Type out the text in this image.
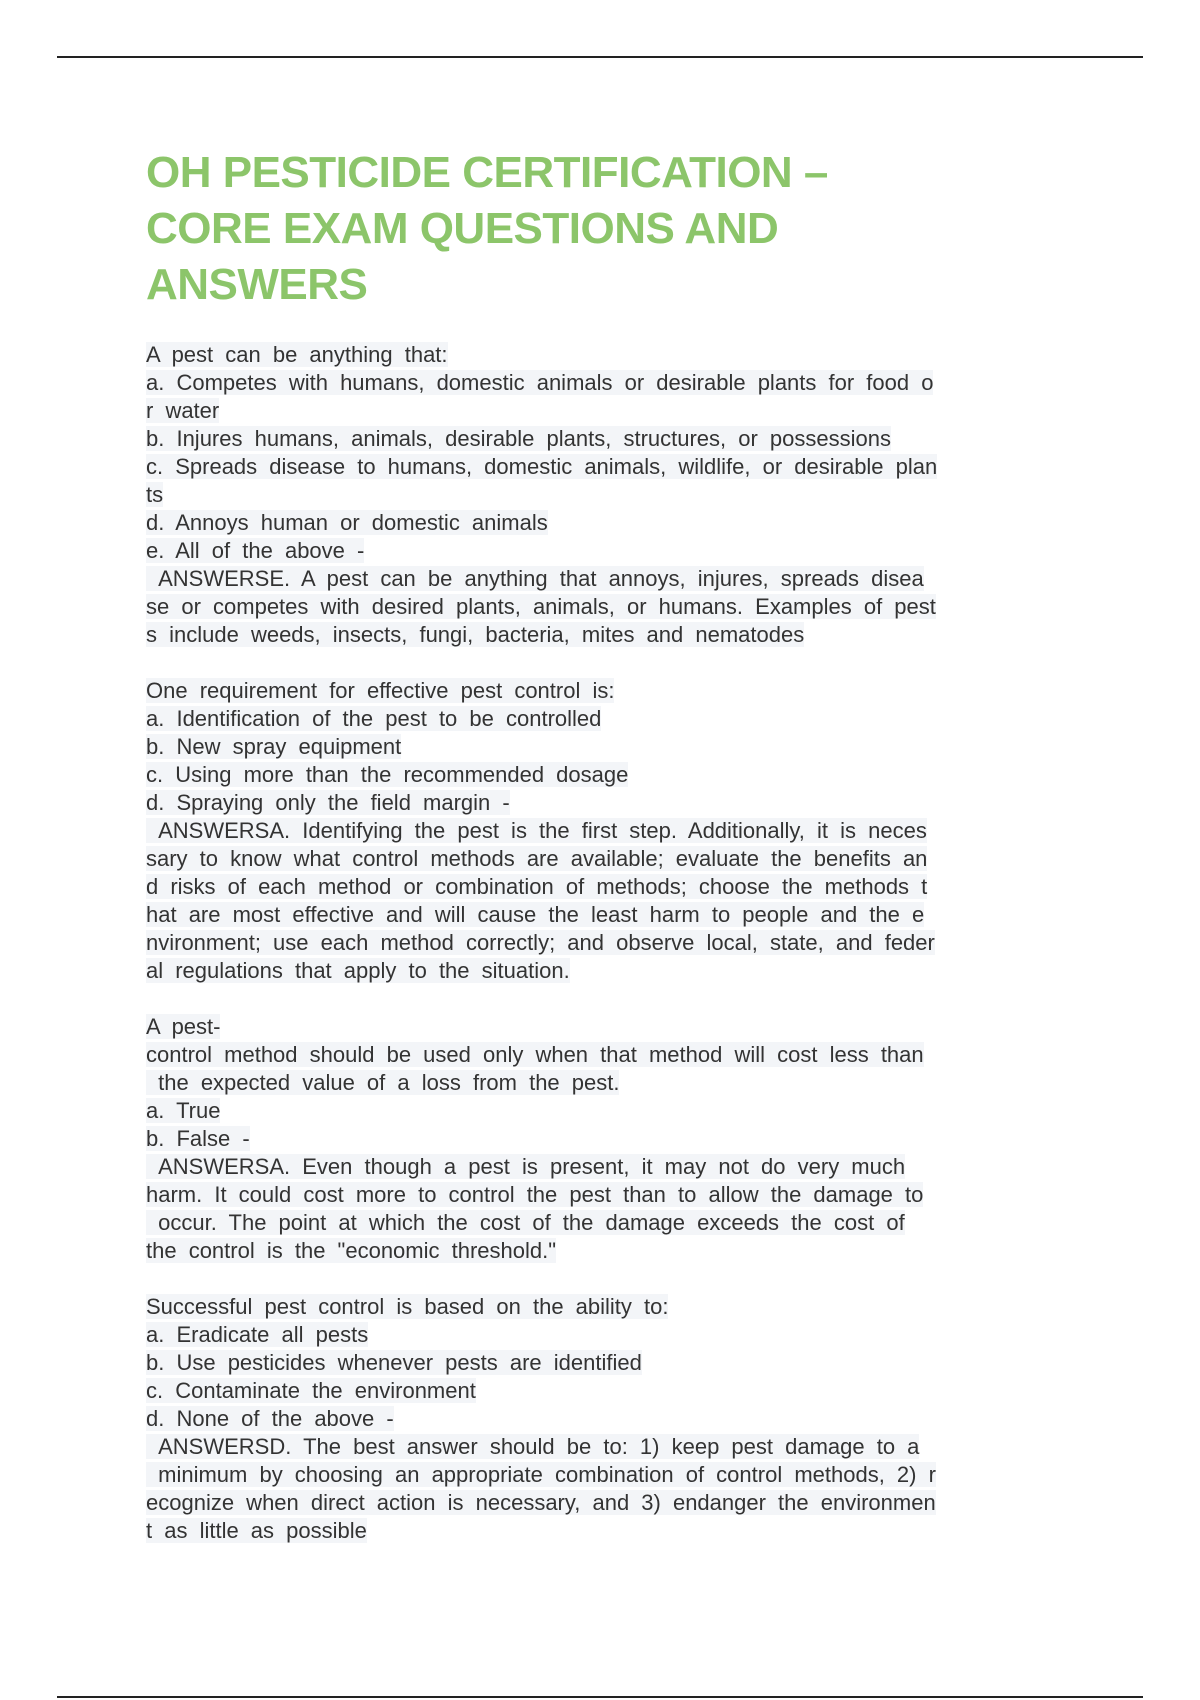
OH PESTICIDE CERTIFICATION –
CORE EXAM QUESTIONS AND
ANSWERS
A pest can be anything that:
a. Competes with humans, domestic animals or desirable plants for food o
r water
b. Injures humans, animals, desirable plants, structures, or possessions
c. Spreads disease to humans, domestic animals, wildlife, or desirable plan
ts
d. Annoys human or domestic animals
e. All of the above -
ANSWERSE. A pest can be anything that annoys, injures, spreads disea
se or competes with desired plants, animals, or humans. Examples of pest
s include weeds, insects, fungi, bacteria, mites and nematodes
One requirement for effective pest control is:
a. Identification of the pest to be controlled
b. New spray equipment
c. Using more than the recommended dosage
d. Spraying only the field margin -
ANSWERSA. Identifying the pest is the first step. Additionally, it is neces
sary to know what control methods are available; evaluate the benefits an
d risks of each method or combination of methods; choose the methods t
hat are most effective and will cause the least harm to people and the e
nvironment; use each method correctly; and observe local, state, and feder
al regulations that apply to the situation.
A pest-
control method should be used only when that method will cost less than
the expected value of a loss from the pest.
a. True
b. False -
ANSWERSA. Even though a pest is present, it may not do very much
harm. It could cost more to control the pest than to allow the damage to
occur. The point at which the cost of the damage exceeds the cost of
the control is the "economic threshold."
Successful pest control is based on the ability to:
a. Eradicate all pests
b. Use pesticides whenever pests are identified
c. Contaminate the environment
d. None of the above -
ANSWERSD. The best answer should be to: 1) keep pest damage to a
minimum by choosing an appropriate combination of control methods, 2) r
ecognize when direct action is necessary, and 3) endanger the environmen
t as little as possible
